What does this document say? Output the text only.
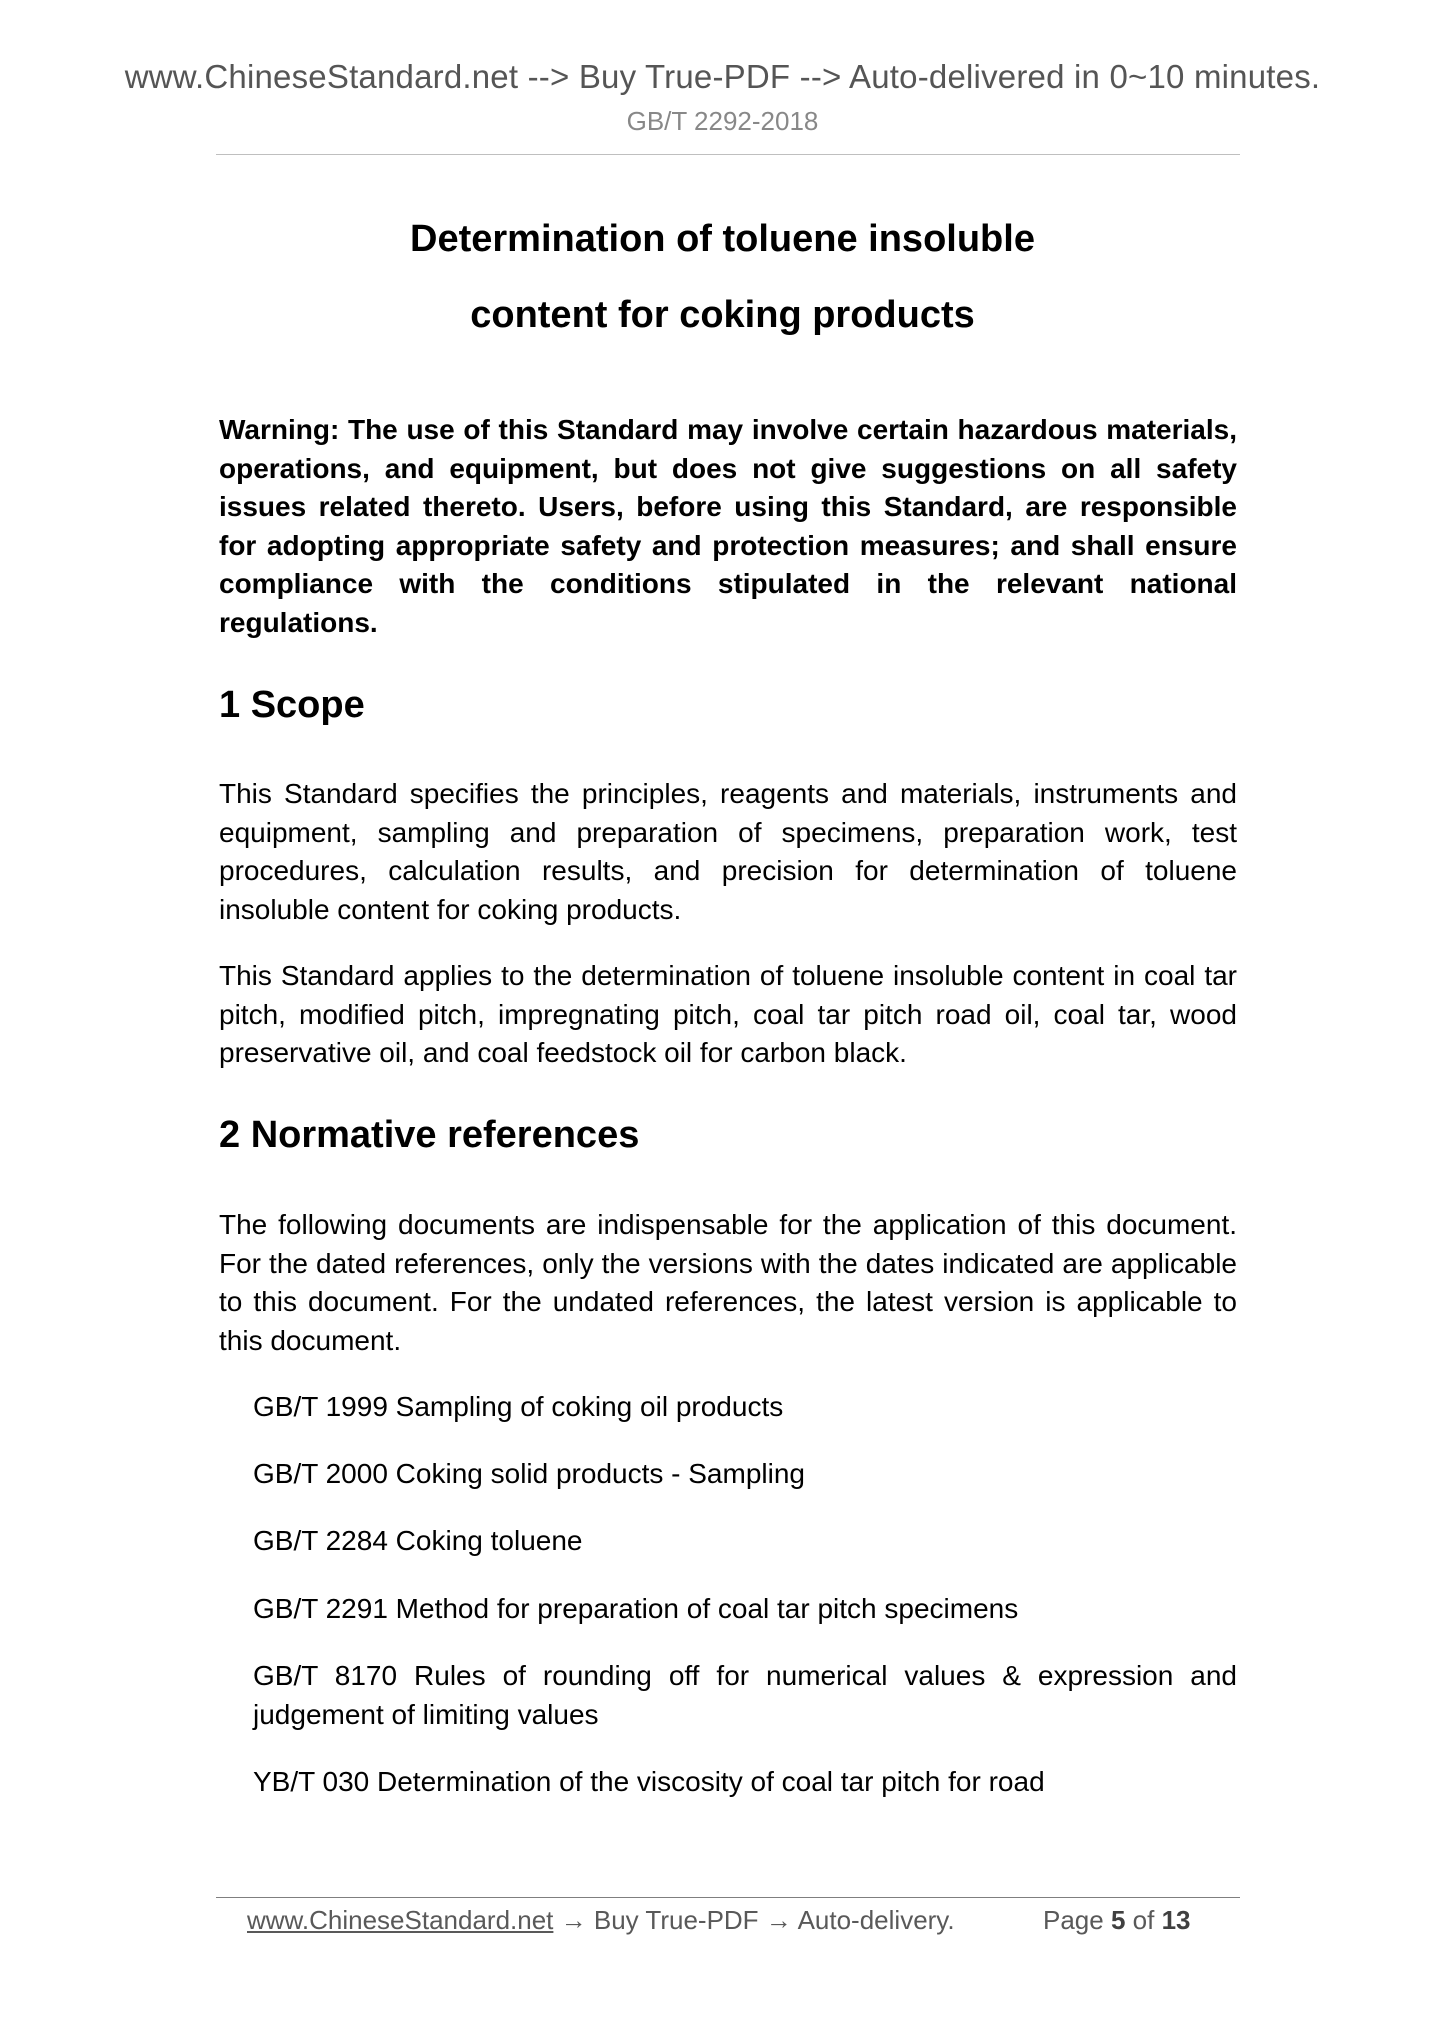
www.ChineseStandard.net --> Buy True-PDF --> Auto-delivered in 0~10 minutes.
GB/T 2292-2018
Determination of toluene insoluble
content for coking products
Warning: The use of this Standard may involve certain hazardous materials, operations, and equipment, but does not give suggestions on all safety issues related thereto. Users, before using this Standard, are responsible for adopting appropriate safety and protection measures; and shall ensure compliance with the conditions stipulated in the relevant national regulations.
1 Scope
This Standard specifies the principles, reagents and materials, instruments and equipment, sampling and preparation of specimens, preparation work, test procedures, calculation results, and precision for determination of toluene insoluble content for coking products.
This Standard applies to the determination of toluene insoluble content in coal tar pitch, modified pitch, impregnating pitch, coal tar pitch road oil, coal tar, wood preservative oil, and coal feedstock oil for carbon black.
2 Normative references
The following documents are indispensable for the application of this document. For the dated references, only the versions with the dates indicated are applicable to this document. For the undated references, the latest version is applicable to this document.
GB/T 1999 Sampling of coking oil products
GB/T 2000 Coking solid products - Sampling
GB/T 2284 Coking toluene
GB/T 2291 Method for preparation of coal tar pitch specimens
GB/T 8170 Rules of rounding off for numerical values & expression and judgement of limiting values
YB/T 030 Determination of the viscosity of coal tar pitch for road
www.ChineseStandard.net → Buy True-PDF → Auto-delivery.	Page 5 of 13
